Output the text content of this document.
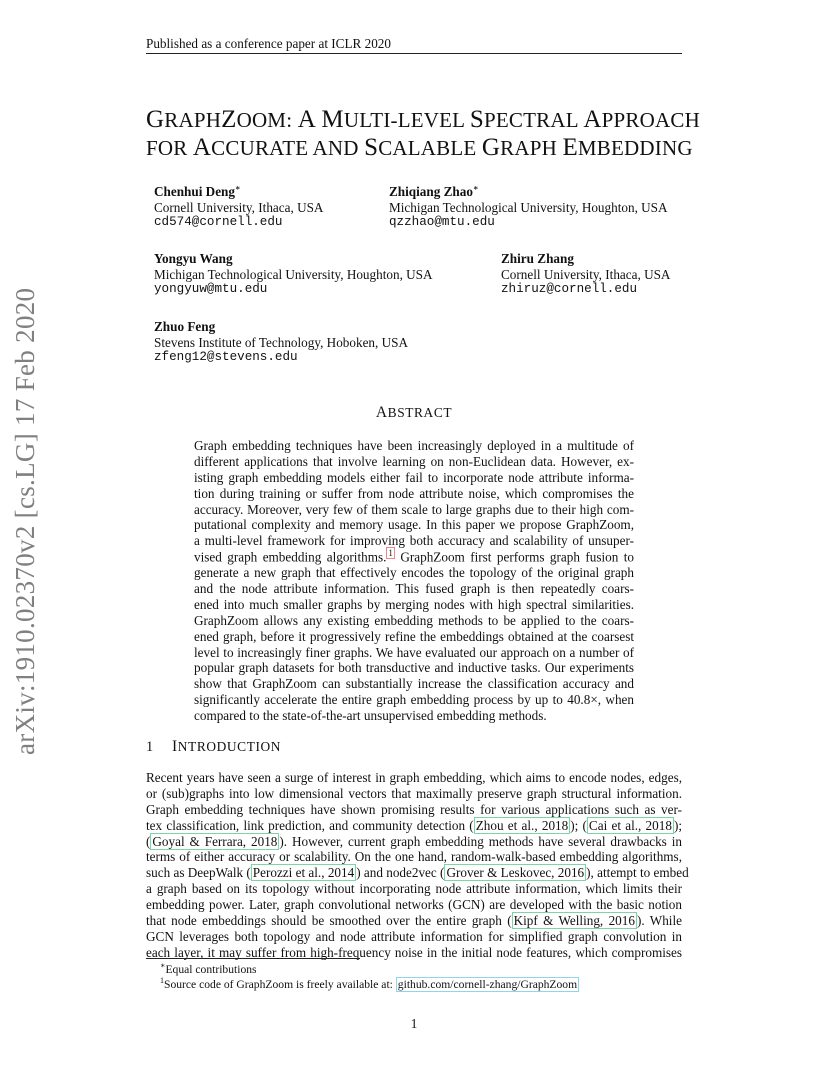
Published as a conference paper at ICLR 2020
arXiv:1910.02370v2 [cs.LG] 17 Feb 2020
GRAPHZOOM: A MULTI-LEVEL SPECTRAL APPROACH
FOR ACCURATE AND SCALABLE GRAPH EMBEDDING
Chenhui Deng∗
Cornell University, Ithaca, USA
cd574@cornell.edu
Zhiqiang Zhao∗
Michigan Technological University, Houghton, USA
qzzhao@mtu.edu
Yongyu Wang
Michigan Technological University, Houghton, USA
yongyuw@mtu.edu
Zhiru Zhang
Cornell University, Ithaca, USA
zhiruz@cornell.edu
Zhuo Feng
Stevens Institute of Technology, Hoboken, USA
zfeng12@stevens.edu
ABSTRACT
Graph embedding techniques have been increasingly deployed in a multitude of
different applications that involve learning on non-Euclidean data. However, ex-
isting graph embedding models either fail to incorporate node attribute informa-
tion during training or suffer from node attribute noise, which compromises the
accuracy. Moreover, very few of them scale to large graphs due to their high com-
putational complexity and memory usage. In this paper we propose GraphZoom,
a multi-level framework for improving both accuracy and scalability of unsuper-
vised graph embedding algorithms. $^1$ GraphZoom first performs graph fusion to
generate a new graph that effectively encodes the topology of the original graph
and the node attribute information. This fused graph is then repeatedly coars-
ened into much smaller graphs by merging nodes with high spectral similarities.
GraphZoom allows any existing embedding methods to be applied to the coars-
ened graph, before it progressively refine the embeddings obtained at the coarsest
level to increasingly finer graphs. We have evaluated our approach on a number of
popular graph datasets for both transductive and inductive tasks. Our experiments
show that GraphZoom can substantially increase the classification accuracy and
significantly accelerate the entire graph embedding process by up to 40.8×, when
compared to the state-of-the-art unsupervised embedding methods.
1 INTRODUCTION
Recent years have seen a surge of interest in graph embedding, which aims to encode nodes, edges,
or (sub)graphs into low dimensional vectors that maximally preserve graph structural information.
Graph embedding techniques have shown promising results for various applications such as ver-
tex classification, link prediction, and community detection ( Zhou et al., 2018 ); ( Cai et al., 2018 );
( Goyal & Ferrara, 2018 ). However, current graph embedding methods have several drawbacks in
terms of either accuracy or scalability. On the one hand, random-walk-based embedding algorithms,
such as DeepWalk ( Perozzi et al., 2014 ) and node2vec ( Grover & Leskovec, 2016 ), attempt to embed
a graph based on its topology without incorporating node attribute information, which limits their
embedding power. Later, graph convolutional networks (GCN) are developed with the basic notion
that node embeddings should be smoothed over the entire graph ( Kipf & Welling, 2016 ). While
GCN leverages both topology and node attribute information for simplified graph convolution in
each layer, it may suffer from high-frequency noise in the initial node features, which compromises
∗Equal contributions
$^1$Source code of GraphZoom is freely available at: github.com/cornell-zhang/GraphZoom
1
